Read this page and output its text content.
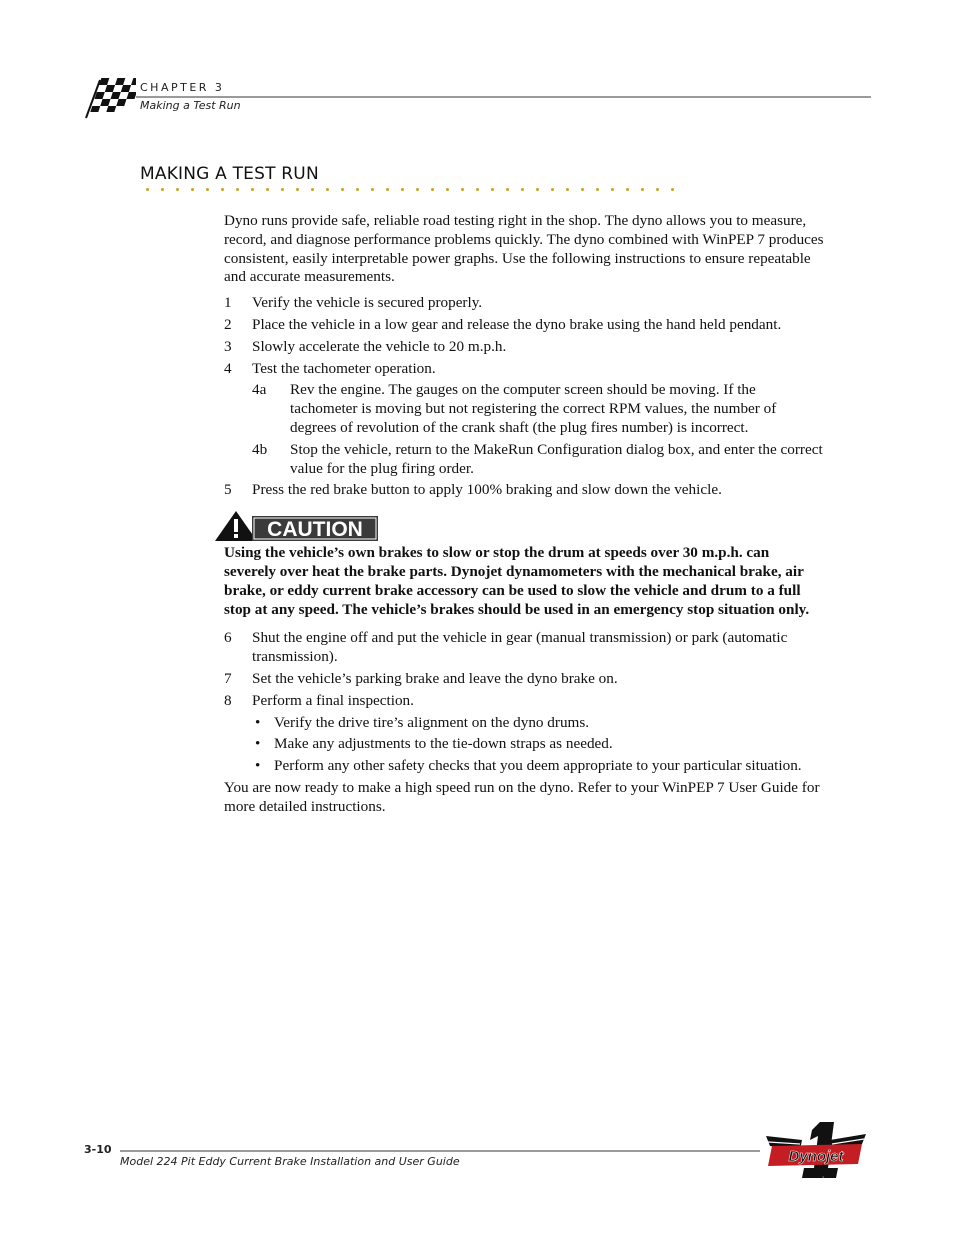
CHAPTER 3
Making a Test Run
MAKING A TEST RUN

Dyno runs provide safe, reliable road testing right in the shop. The dyno allows you to measure, record, and diagnose performance problems quickly. The dyno combined with WinPEP 7 produces consistent, easily interpretable power graphs. Use the following instructions to ensure repeatable and accurate measurements.

1 Verify the vehicle is secured properly.
2 Place the vehicle in a low gear and release the dyno brake using the hand held pendant.
3 Slowly accelerate the vehicle to 20 m.p.h.
4 Test the tachometer operation.
4a Rev the engine. The gauges on the computer screen should be moving. If the tachometer is moving but not registering the correct RPM values, the number of degrees of revolution of the crank shaft (the plug fires number) is incorrect.
4b Stop the vehicle, return to the MakeRun Configuration dialog box, and enter the correct value for the plug firing order.
5 Press the red brake button to apply 100% braking and slow down the vehicle.
CAUTION

Using the vehicle’s own brakes to slow or stop the drum at speeds over 30 m.p.h. can severely over heat the brake parts. Dynojet dynamometers with the mechanical brake, air brake, or eddy current brake accessory can be used to slow the vehicle and drum to a full stop at any speed. The vehicle’s brakes should be used in an emergency stop situation only.

6 Shut the engine off and put the vehicle in gear (manual transmission) or park (automatic transmission).
7 Set the vehicle’s parking brake and leave the dyno brake on.
8 Perform a final inspection.
• Verify the drive tire’s alignment on the dyno drums.
• Make any adjustments to the tie-down straps as needed.
• Perform any other safety checks that you deem appropriate to your particular situation.

You are now ready to make a high speed run on the dyno. Refer to your WinPEP 7 User Guide for more detailed instructions.

3-10
Model 224 Pit Eddy Current Brake Installation and User Guide	Dynojet
1
